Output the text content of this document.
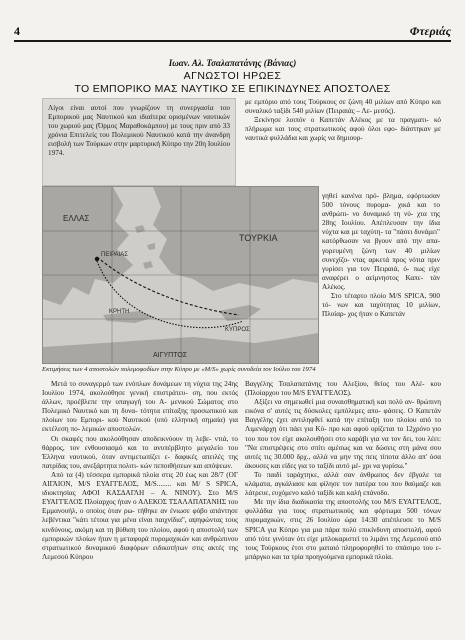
4	Φτεριάς
Ιωαν. Αλ. Τσαλαπατάνης (Βάνιας)
ΑΓΝΩΣΤΟΙ ΗΡΩΕΣ
ΤΟ ΕΜΠΟΡΙΚΟ ΜΑΣ ΝΑΥΤΙΚΟ ΣΕ ΕΠΙΚΙΝΔΥΝΕΣ ΑΠΟΣΤΟΛΕΣ

Λίγοι είναι αυτοί που γνωρίζουν τη συνεργασία του Εμπορικού μας Ναυτικού και ιδιαίτερα ορισμένων ναυτικών του χωριού μας (Όρμος Μαραθοκάμπου) με τους πριν από 33 χρόνια Επιτελείς του Πολεμικού Ναυτικού κατά την άνανδρη εισβολή των Τούρκων στην μαρτυρική Κύπρο την 20η Ιουλίου 1974.

με εμπόριο από τους Τούρκους σε ζώνη 40 μιλίων από Κύπρο και συναλικό ταξίδι 540 μιλίων (Πειραιάς – Λε- μεσός).

Ξεκίνησε λοιπόν ο Καπετάν Αλέκος με τα πραγματι- κό πλήρωμα και τους στρατιωτικούς αφού όλοι εφο- διάστηκαν με ναυτικά φυλλάδια και χωρίς να δημιουρ-

ΠΕΙΡΑΙΑΣ
ΕΛΛΑΣ
ΤΟΥΡΚΙΑ
ΚΡΗΤΗ
ΚΥΠΡΟΣ
ΑΙΓΥΠΤΟΣ

γηθεί κανένα πρό- βλημα, εφόρτωσαν 500 τόνους πυρομα- χικά και το ανθρώπι- νο δυναμικό τη νύ- χτα της 28ης Ιουλίου. Απέπλευσαν την ίδια νύχτα και με ταχύτη- τα "πάσει δυνάμει" κατόρθωσαν να βγουν από την απα- γορευμένη ζώνη των 40 μιλίων συνεχίζο- ντας αρκετά προς νότια πριν γυρίσει για τον Πειραιά, ό- πως είχε αναφέρει ο αείμνηστος Καπε- τάν Αλέκος.

Στο τέταρτο πλοίο M/S SPICA, 900 τό- νων και ταχύτητας 10 μιλίων, Πλοίαρ- χος ήταν ο Καπετάν

Εκτιμήσεις των 4 αποστολών πολεμοφοδίων στην Κύπρο με «M/S» χωρίς συνοδεία τον Ιούλιο του 1974

Μετά το συναγερμό των ενόπλων δυνάμεων τη νύχτα της 24ης Ιουλίου 1974, ακολούθησε γενική επιστράτευ- ση, που εκτός άλλων, προέβλεπε την υπαγωγή του Α- μενικού Σώματος στο Πολεμικό Ναυτικό και τη δυνα- τότητα επίταξης προσωπικού και πλοίων του Εμπορι- κού Ναυτικού (υπό ελληνική σημαία) για εκτέλεση πο- λεμικών αποστολών.

Οι σκαφές που ακολούθησαν αποδεικνύουν τη λεβε- ντιά, το θάρρος, τον ενθουσιασμό και το ανυπέρβλητο μεγαλείο του Έλληνα ναυτικού, όταν αντιμετωπίζει ε- δαφικές απειλές της πατρίδας του, ανεξάρτητα πολιτι- κών πεποιθήσεων και απόψεων.

Από τα (4) τέσσερα εμπορικά πλοία στις 20 έως και 28/7 (ΟΓ ΑΙΓΑΙΟΝ, M/S ΕΥΑΓΓΕΛΟΣ, M/S........ και M/ S SPICA, ιδιοκτησίας ΑΦΟΙ ΚΑΣΔΑΓΛΗ – Α. ΝΙΝΟΥ). Στο M/S ΕΥΑΓΓΕΛΟΣ Πλοίαρχος ήταν ο ΑΛΕΚΟΣ ΤΣΑΛΑΠΑΤΑΝΗΣ του Εμμανουήλ, ο οποίος όταν ρω- τήθηκε αν ένιωσε φόβο απάντησε λεβέντικα "κάτι τέτοια για μένα είναι παιχνίδια", αψηφώντας τους κινδύνους, ακόμη και τη βύθιση του πλοίου, αφού η αποστολή των εμπορικών πλοίων ήταν η μεταφορά πυρομαχικών και ανθρώπινου στρατιωτικού δυναμικού διαφόρων ειδικοτήτων στις ακτές της Λεμεσού Κύπρου

Βαγγέλης Τσαλαπατάνης του Αλεξίου, θείος του Αλέ- κου (Πλοίαρχου του M/S ΕΥΑΓΓΕΛΟΣ).

Αξίζει να σημειωθεί μια συναισθηματική και πολύ αν- θρώπινη εικόνα σ' αυτές τις δύσκολες εμπόλεμες απο- φάσεις. Ο Καπετάν Βαγγέλης έχει αντιληφθεί κατά την επίταξη του πλοίου από το Λιμενάρχη ότι πάει για Κύ- προ και αφού ορίζεται το 12χρόνο γιο του που τον είχε ακολουθήσει στο καράβι για να τον δει, του λέει: "Να επιστρέψεις στο σπίτι αμέσως και να δώσεις στη μάνα σου αυτές τις 30.000 δρχ., αλλά να μην της πεις τίποτα άλλο απ' όσα άκουσες και είδες για το ταξίδι αυτό μέ- χρι να γυρίσω."

Το παιδί ταράχτηκε, αλλά σαν άνθρωπος δεν έβγαλε τα κλάματα, αγκάλιασε και φίλησε τον πατέρα του που θαύμαζε και λάτρευε, ευχόμενο καλό ταξίδι και καλή επάνοδο.

Με την ίδια διαδικασία της αποστολής του M/S ΕΥΑΓΓΕΛΟΣ, φυλλάδια για τους στρατιωτικούς και φόρτωμα 500 τόνων πυρομαχικών, στις 26 Ιουλίου ώρα 14:30 απέπλευσε το M/S SPICA για Κύπρο για μια πάρα πολύ επικίνδυνη αποστολή, αφού από τότε γινόταν ότι είχε μπλοκαριστεί το λιμάνι της Λεμεσού από τους Τούρκους έτσι στο ματαιό πληροφορηθεί το σπάσιμο του ε- μπάργκο και τα τρία προηγούμενα εμπορικά πλοία.
